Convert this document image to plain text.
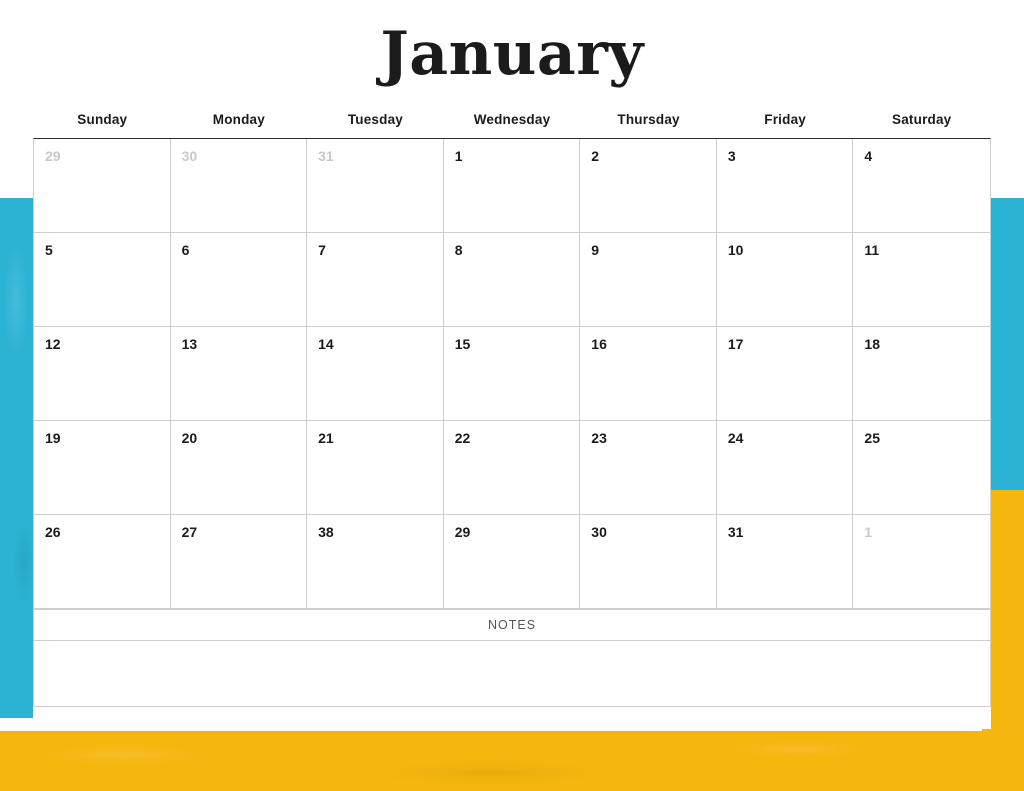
January
Sunday	Monday	Tuesday	Wednesday	Thursday	Friday	Saturday
29	30	31	1	2	3	4
5	6	7	8	9	10	11
12	13	14	15	16	17	18
19	20	21	22	23	24	25
26	27	38	29	30	31	1
NOTES
